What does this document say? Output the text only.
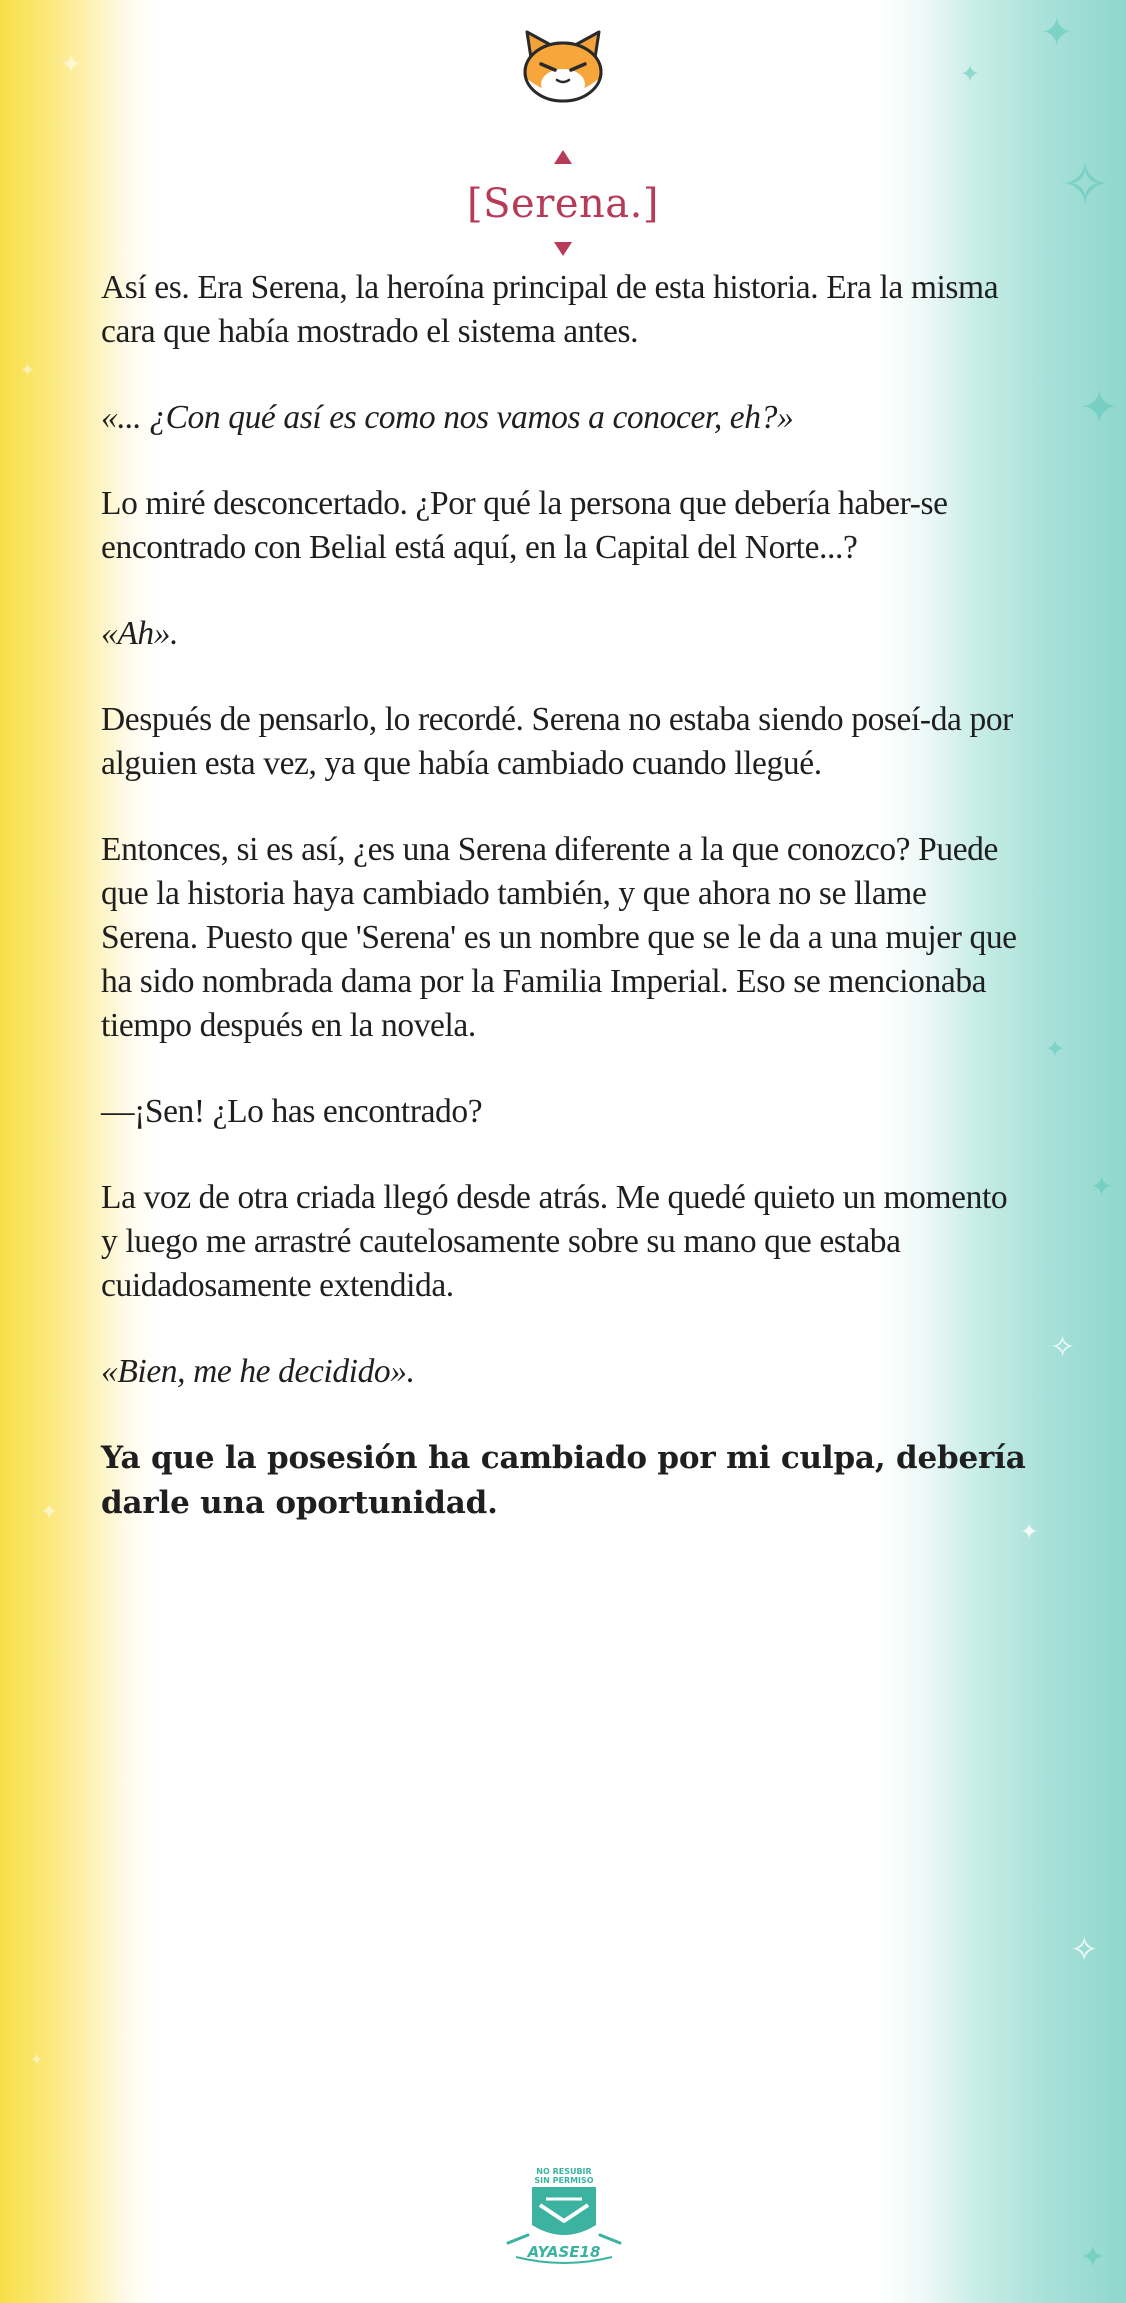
✦
✦
✦
✦
✦
✦
✧
✦
✦
✦
✧
✦
✧
✦
[Serena.]

Así es. Era Serena, la heroína principal de esta historia. Era la misma cara que había mostrado el sistema antes.

«... ¿Con qué así es como nos vamos a conocer, eh?»

Lo miré desconcertado. ¿Por qué la persona que debería haber-se encontrado con Belial está aquí, en la Capital del Norte...?

«Ah».

Después de pensarlo, lo recordé. Serena no estaba siendo poseí-da por alguien esta vez, ya que había cambiado cuando llegué.

Entonces, si es así, ¿es una Serena diferente a la que conozco? Puede que la historia haya cambiado también, y que ahora no se llame Serena. Puesto que 'Serena' es un nombre que se le da a una mujer que ha sido nombrada dama por la Familia Imperial. Eso se mencionaba tiempo después en la novela.

—¡Sen! ¿Lo has encontrado?

La voz de otra criada llegó desde atrás. Me quedé quieto un momento y luego me arrastré cautelosamente sobre su mano que estaba cuidadosamente extendida.

«Bien, me he decidido».

Ya que la posesión ha cambiado por mi culpa, debería darle una oportunidad.

NO RESUBIR
SIN PERMISO
AYASE18
